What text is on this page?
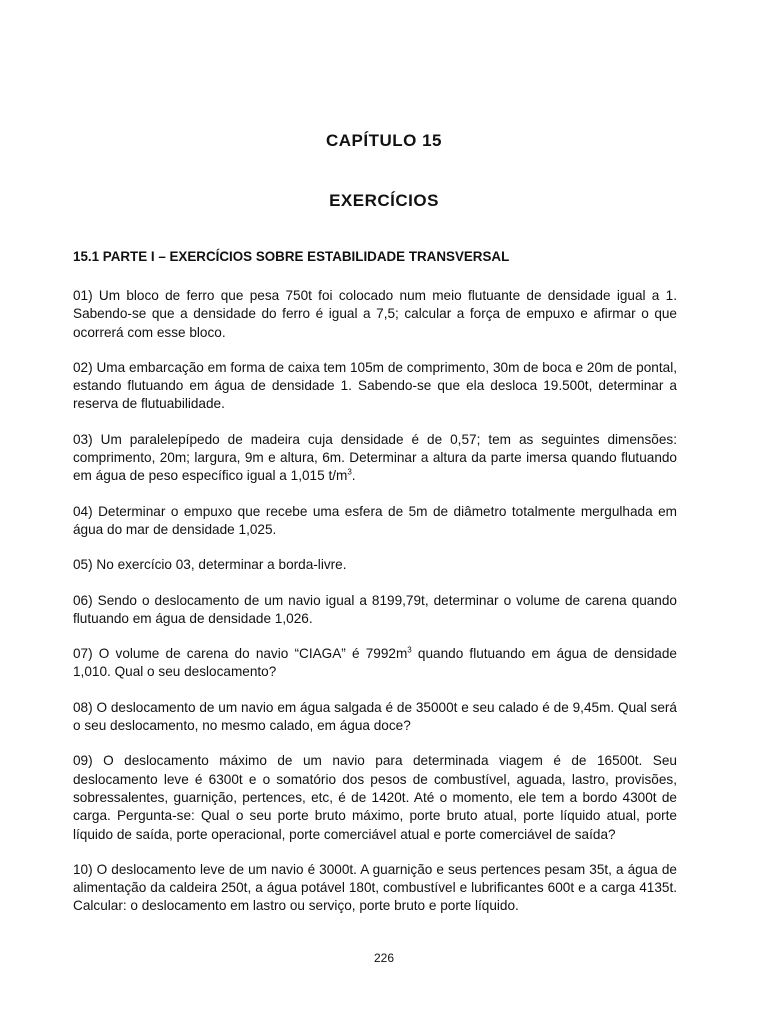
CAPÍTULO 15
EXERCÍCIOS
15.1 PARTE I – EXERCÍCIOS SOBRE ESTABILIDADE TRANSVERSAL

01) Um bloco de ferro que pesa 750t foi colocado num meio flutuante de densidade igual a 1. Sabendo-se que a densidade do ferro é igual a 7,5; calcular a força de empuxo e afirmar o que ocorrerá com esse bloco.

02) Uma embarcação em forma de caixa tem 105m de comprimento, 30m de boca e 20m de pontal, estando flutuando em água de densidade 1. Sabendo-se que ela desloca 19.500t, determinar a reserva de flutuabilidade.

03) Um paralelepípedo de madeira cuja densidade é de 0,57; tem as seguintes dimensões: comprimento, 20m; largura, 9m e altura, 6m. Determinar a altura da parte imersa quando flutuando em água de peso específico igual a 1,015 $t/m^3$.

04) Determinar o empuxo que recebe uma esfera de 5m de diâmetro totalmente mergulhada em água do mar de densidade 1,025.

05) No exercício 03, determinar a borda-livre.

06) Sendo o deslocamento de um navio igual a 8199,79t, determinar o volume de carena quando flutuando em água de densidade 1,026.

07) O volume de carena do navio “CIAGA” é $7992m^3$ quando flutuando em água de densidade 1,010. Qual o seu deslocamento?

08) O deslocamento de um navio em água salgada é de 35000t e seu calado é de 9,45m. Qual será o seu deslocamento, no mesmo calado, em água doce?

09) O deslocamento máximo de um navio para determinada viagem é de 16500t. Seu deslocamento leve é 6300t e o somatório dos pesos de combustível, aguada, lastro, provisões, sobressalentes, guarnição, pertences, etc, é de 1420t. Até o momento, ele tem a bordo 4300t de carga. Pergunta-se: Qual o seu porte bruto máximo, porte bruto atual, porte líquido atual, porte líquido de saída, porte operacional, porte comerciável atual e porte comerciável de saída?

10) O deslocamento leve de um navio é 3000t. A guarnição e seus pertences pesam 35t, a água de alimentação da caldeira 250t, a água potável 180t, combustível e lubrificantes 600t e a carga 4135t. Calcular: o deslocamento em lastro ou serviço, porte bruto e porte líquido.

226
